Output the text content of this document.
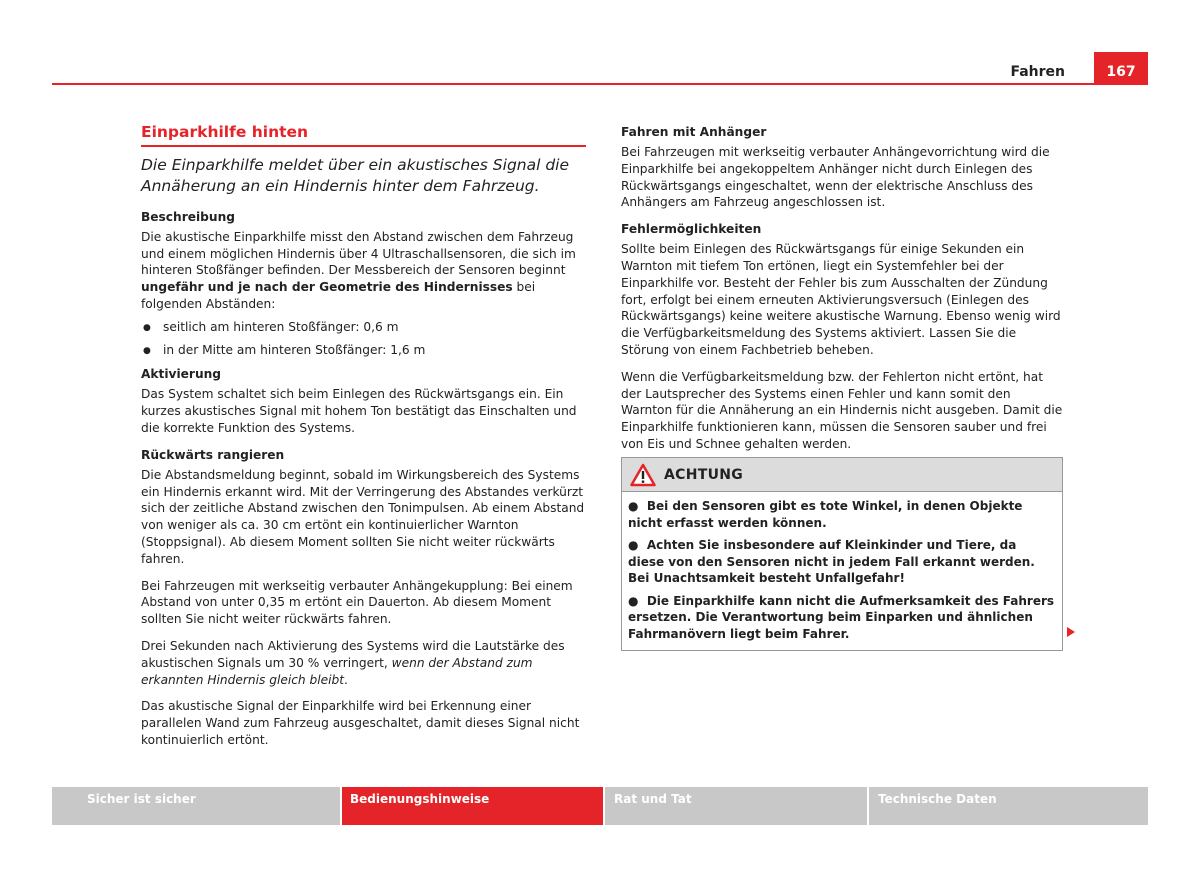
Fahren	167
Einparkhilfe hinten
Die Einparkhilfe meldet über ein akustisches Signal die Annäherung an ein Hindernis hinter dem Fahrzeug.
Beschreibung

Die akustische Einparkhilfe misst den Abstand zwischen dem Fahrzeug und einem möglichen Hindernis über 4 Ultraschallsensoren, die sich im hinteren Stoßfänger befinden. Der Messbereich der Sensoren beginnt ungefähr und je nach der Geometrie des Hindernisses bei folgenden Abständen:

● seitlich am hinteren Stoßfänger: 0,6 m
● in der Mitte am hinteren Stoßfänger: 1,6 m
Aktivierung

Das System schaltet sich beim Einlegen des Rückwärtsgangs ein. Ein kurzes akustisches Signal mit hohem Ton bestätigt das Einschalten und die korrekte Funktion des Systems.

Rückwärts rangieren

Die Abstandsmeldung beginnt, sobald im Wirkungsbereich des Systems ein Hindernis erkannt wird. Mit der Verringerung des Abstandes verkürzt sich der zeitliche Abstand zwischen den Tonimpulsen. Ab einem Abstand von weniger als ca. 30 cm ertönt ein kontinuierlicher Warnton (Stoppsignal). Ab diesem Moment sollten Sie nicht weiter rückwärts fahren.

Bei Fahrzeugen mit werkseitig verbauter Anhängekupplung: Bei einem Abstand von unter 0,35 m ertönt ein Dauerton. Ab diesem Moment sollten Sie nicht weiter rückwärts fahren.

Drei Sekunden nach Aktivierung des Systems wird die Lautstärke des akustischen Signals um 30 % verringert, wenn der Abstand zum erkannten Hindernis gleich bleibt.

Das akustische Signal der Einparkhilfe wird bei Erkennung einer parallelen Wand zum Fahrzeug ausgeschaltet, damit dieses Signal nicht kontinuierlich ertönt.

Fahren mit Anhänger

Bei Fahrzeugen mit werkseitig verbauter Anhängevorrichtung wird die Einparkhilfe bei angekoppeltem Anhänger nicht durch Einlegen des Rückwärtsgangs eingeschaltet, wenn der elektrische Anschluss des Anhängers am Fahrzeug angeschlossen ist.

Fehlermöglichkeiten

Sollte beim Einlegen des Rückwärtsgangs für einige Sekunden ein Warnton mit tiefem Ton ertönen, liegt ein Systemfehler bei der Einparkhilfe vor. Besteht der Fehler bis zum Ausschalten der Zündung fort, erfolgt bei einem erneuten Aktivierungsversuch (Einlegen des Rückwärtsgangs) keine weitere akustische Warnung. Ebenso wenig wird die Verfügbarkeitsmeldung des Systems aktiviert. Lassen Sie die Störung von einem Fachbetrieb beheben.

Wenn die Verfügbarkeitsmeldung bzw. der Fehlerton nicht ertönt, hat der Lautsprecher des Systems einen Fehler und kann somit den Warnton für die Annäherung an ein Hindernis nicht ausgeben. Damit die Einparkhilfe funktionieren kann, müssen die Sensoren sauber und frei von Eis und Schnee gehalten werden.

ACHTUNG

●  Bei den Sensoren gibt es tote Winkel, in denen Objekte nicht erfasst werden können.

●  Achten Sie insbesondere auf Kleinkinder und Tiere, da diese von den Sensoren nicht in jedem Fall erkannt werden. Bei Unachtsamkeit besteht Unfallgefahr!

●  Die Einparkhilfe kann nicht die Aufmerksamkeit des Fahrers ersetzen. Die Verantwortung beim Einparken und ähnlichen Fahrmanövern liegt beim Fahrer.

Sicher ist sicher	Bedienungshinweise	Rat und Tat	Technische Daten
